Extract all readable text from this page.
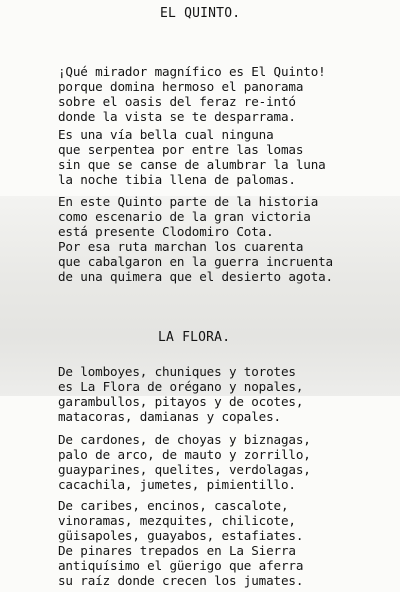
EL QUINTO.
¡Qué mirador magnífico es El Quinto!
porque domina hermoso el panorama
sobre el oasis del feraz re-intó
donde la vista se te desparrama.
Es una vía bella cual ninguna
que serpentea por entre las lomas
sin que se canse de alumbrar la luna
la noche tibia llena de palomas.
En este Quinto parte de la historia
como escenario de la gran victoria
está presente Clodomiro Cota.
Por esa ruta marchan los cuarenta
que cabalgaron en la guerra incruenta
de una quimera que el desierto agota.
LA FLORA.
De lomboyes, chuniques y torotes
es La Flora de orégano y nopales,
garambullos, pitayos y de ocotes,
matacoras, damianas y copales.
De cardones, de choyas y biznagas,
palo de arco, de mauto y zorrillo,
guayparines, quelites, verdolagas,
cacachila, jumetes, pimientillo.
De caribes, encinos, cascalote,
vinoramas, mezquites, chilicote,
güisapoles, guayabos, estafiates.
De pinares trepados en La Sierra
antiquísimo el güerigo que aferra
su raíz donde crecen los jumates.
